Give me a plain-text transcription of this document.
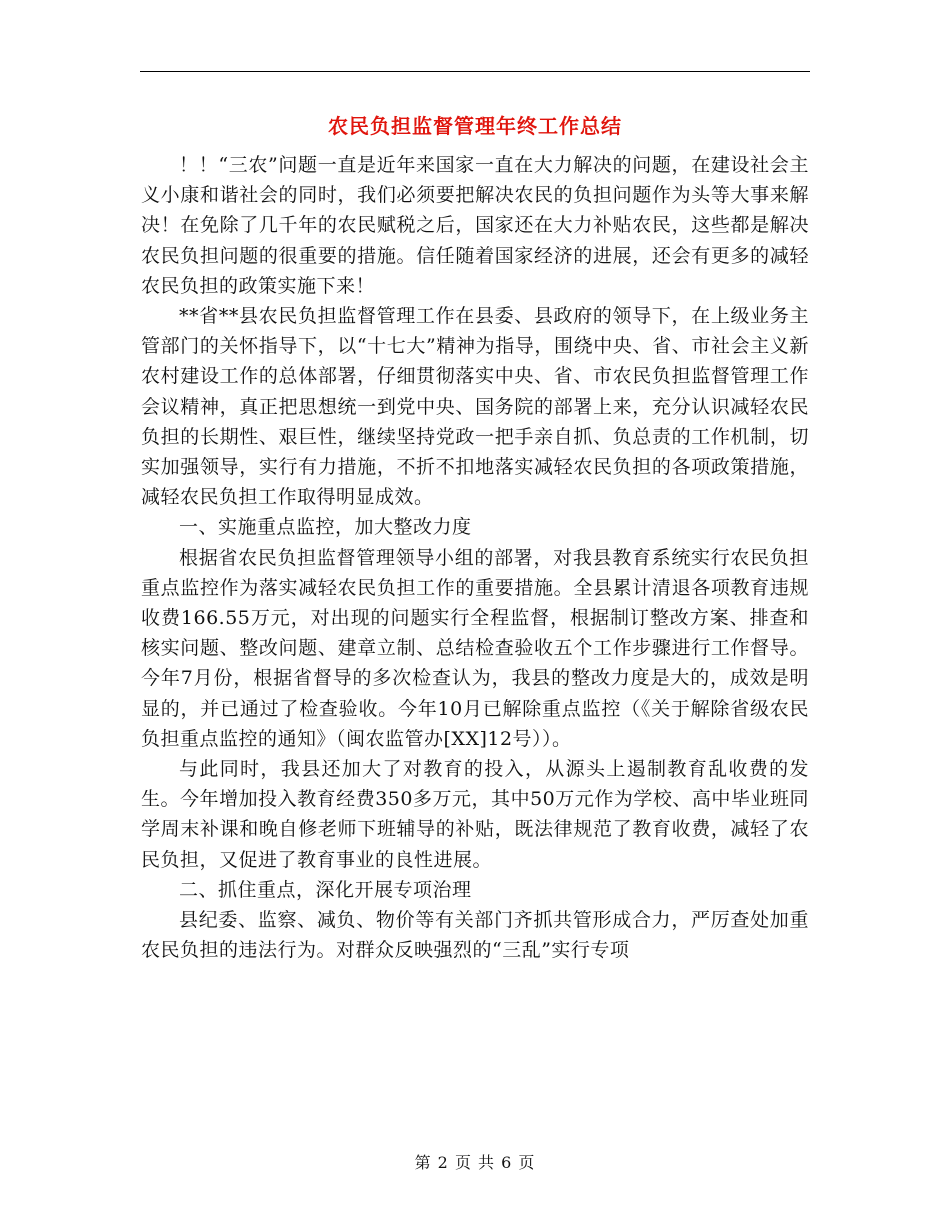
农民负担监督管理年终工作总结

！！“三农”问题一直是近年来国家一直在大力解决的问题，在建设社会主义小康和谐社会的同时，我们必须要把解决农民的负担问题作为头等大事来解决！在免除了几千年的农民赋税之后，国家还在大力补贴农民，这些都是解决农民负担问题的很重要的措施。信任随着国家经济的进展，还会有更多的减轻农民负担的政策实施下来！

**省**县农民负担监督管理工作在县委、县政府的领导下，在上级业务主管部门的关怀指导下，以“十七大”精神为指导，围绕中央、省、市社会主义新农村建设工作的总体部署，仔细贯彻落实中央、省、市农民负担监督管理工作会议精神，真正把思想统一到党中央、国务院的部署上来，充分认识减轻农民负担的长期性、艰巨性，继续坚持党政一把手亲自抓、负总责的工作机制，切实加强领导，实行有力措施，不折不扣地落实减轻农民负担的各项政策措施，减轻农民负担工作取得明显成效。

一、实施重点监控，加大整改力度

根据省农民负担监督管理领导小组的部署，对我县教育系统实行农民负担重点监控作为落实减轻农民负担工作的重要措施。全县累计清退各项教育违规收费166.55万元，对出现的问题实行全程监督，根据制订整改方案、排查和核实问题、整改问题、建章立制、总结检查验收五个工作步骤进行工作督导。今年7月份，根据省督导的多次检查认为，我县的整改力度是大的，成效是明显的，并已通过了检查验收。今年10月已解除重点监控（《关于解除省级农民负担重点监控的通知》（闽农监管办[XX]12号））。

与此同时，我县还加大了对教育的投入，从源头上遏制教育乱收费的发生。今年增加投入教育经费350多万元，其中50万元作为学校、高中毕业班同学周末补课和晚自修老师下班辅导的补贴，既法律规范了教育收费，减轻了农民负担，又促进了教育事业的良性进展。

二、抓住重点，深化开展专项治理

县纪委、监察、减负、物价等有关部门齐抓共管形成合力，严厉查处加重农民负担的违法行为。对群众反映强烈的“三乱”实行专项

第 2 页 共 6 页
